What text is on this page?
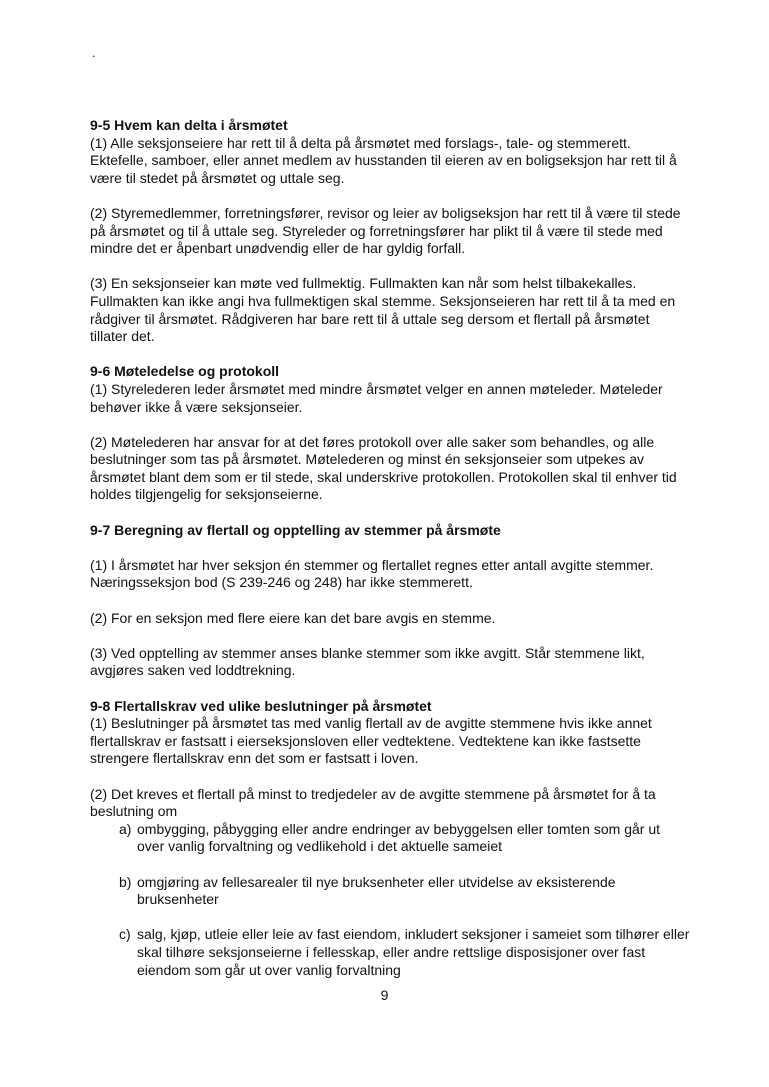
.

9-5 Hvem kan delta i årsmøtet

(1) Alle seksjonseiere har rett til å delta på årsmøtet med forslags-, tale- og stemmerett. Ektefelle, samboer, eller annet medlem av husstanden til eieren av en boligseksjon har rett til å være til stedet på årsmøtet og uttale seg.

(2) Styremedlemmer, forretningsfører, revisor og leier av boligseksjon har rett til å være til stede på årsmøtet og til å uttale seg. Styreleder og forretningsfører har plikt til å være til stede med mindre det er åpenbart unødvendig eller de har gyldig forfall.

(3) En seksjonseier kan møte ved fullmektig. Fullmakten kan når som helst tilbakekalles. Fullmakten kan ikke angi hva fullmektigen skal stemme. Seksjonseieren har rett til å ta med en rådgiver til årsmøtet. Rådgiveren har bare rett til å uttale seg dersom et flertall på årsmøtet tillater det.

9-6 Møteledelse og protokoll

(1) Styrelederen leder årsmøtet med mindre årsmøtet velger en annen møteleder. Møteleder behøver ikke å være seksjonseier.

(2) Møtelederen har ansvar for at det føres protokoll over alle saker som behandles, og alle beslutninger som tas på årsmøtet. Møtelederen og minst én seksjonseier som utpekes av årsmøtet blant dem som er til stede, skal underskrive protokollen. Protokollen skal til enhver tid holdes tilgjengelig for seksjonseierne.

9-7 Beregning av flertall og opptelling av stemmer på årsmøte

(1) I årsmøtet har hver seksjon én stemmer og flertallet regnes etter antall avgitte stemmer. Næringsseksjon bod (S 239-246 og 248) har ikke stemmerett.

(2) For en seksjon med flere eiere kan det bare avgis en stemme.

(3) Ved opptelling av stemmer anses blanke stemmer som ikke avgitt. Står stemmene likt, avgjøres saken ved loddtrekning.

9-8 Flertallskrav ved ulike beslutninger på årsmøtet

(1) Beslutninger på årsmøtet tas med vanlig flertall av de avgitte stemmene hvis ikke annet flertallskrav er fastsatt i eierseksjonsloven eller vedtektene. Vedtektene kan ikke fastsette strengere flertallskrav enn det som er fastsatt i loven.

(2) Det kreves et flertall på minst to tredjedeler av de avgitte stemmene på årsmøtet for å ta beslutning om

a) ombygging, påbygging eller andre endringer av bebyggelsen eller tomten som går ut over vanlig forvaltning og vedlikehold i det aktuelle sameiet
b) omgjøring av fellesarealer til nye bruksenheter eller utvidelse av eksisterende bruksenheter
c) salg, kjøp, utleie eller leie av fast eiendom, inkludert seksjoner i sameiet som tilhører eller skal tilhøre seksjonseierne i fellesskap, eller andre rettslige disposisjoner over fast eiendom som går ut over vanlig forvaltning
9
